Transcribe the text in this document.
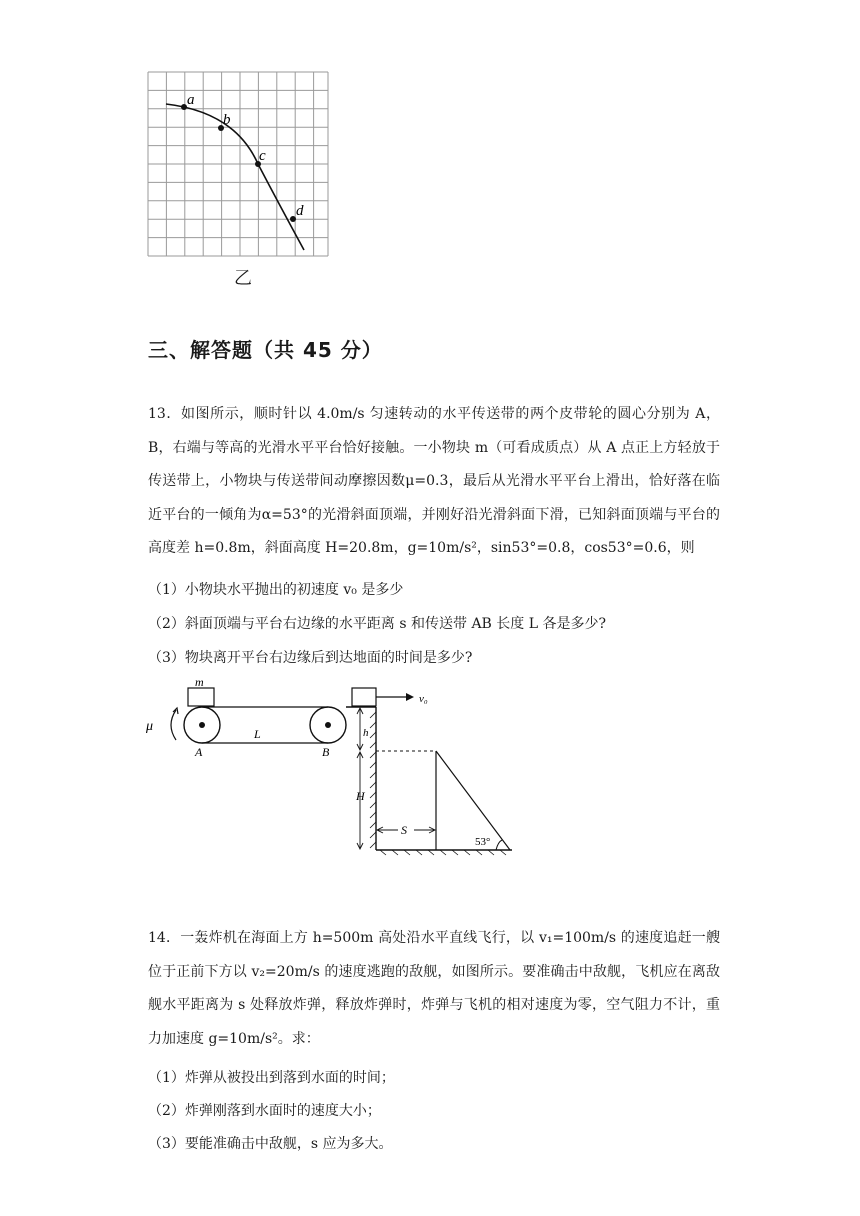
a
b
c
d
乙
三、解答题（共 45 分）
13．如图所示，顺时针以 4.0m/s 匀速转动的水平传送带的两个皮带轮的圆心分别为 A，B，右端与等高的光滑水平平台恰好接触。一小物块 m（可看成质点）从 A 点正上方轻放于传送带上，小物块与传送带间动摩擦因数μ=0.3，最后从光滑水平平台上滑出，恰好落在临近平台的一倾角为α=53°的光滑斜面顶端，并刚好沿光滑斜面下滑，已知斜面顶端与平台的高度差 h=0.8m，斜面高度 H=20.8m，g=10m/s²，sin53°=0.8，cos53°=0.6，则
（1）小物块水平抛出的初速度 v₀ 是多少
（2）斜面顶端与平台右边缘的水平距离 s 和传送带 AB 长度 L 各是多少?
（3）物块离开平台右边缘后到达地面的时间是多少?
m
μ
A	B
L
v₀
53°
h
H
S
14．一轰炸机在海面上方 h=500m 高处沿水平直线飞行，以 v₁=100m/s 的速度追赶一艘位于正前下方以 v₂=20m/s 的速度逃跑的敌舰，如图所示。要准确击中敌舰，飞机应在离敌舰水平距离为 s 处释放炸弹，释放炸弹时，炸弹与飞机的相对速度为零，空气阻力不计，重力加速度 g=10m/s²。求：
（1）炸弹从被投出到落到水面的时间；
（2）炸弹刚落到水面时的速度大小；
（3）要能准确击中敌舰，s 应为多大。
